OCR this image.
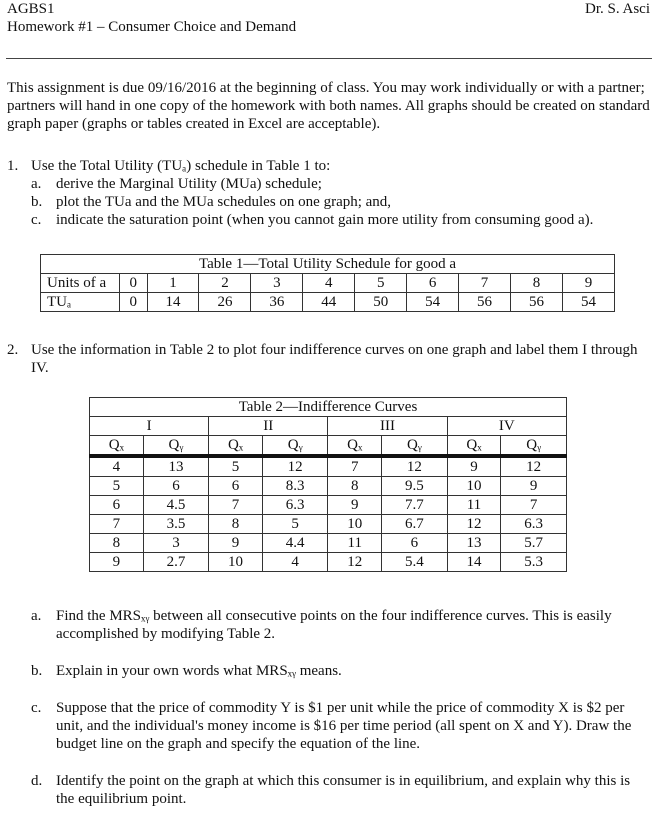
AGBS1
Homework #1 – Consumer Choice and Demand
Dr. S. Asci
This assignment is due 09/16/2016 at the beginning of class. You may work individually or with a partner; partners will hand in one copy of the homework with both names. All graphs should be created on standard graph paper (graphs or tables created in Excel are acceptable).
1. Use the Total Utility (TUₐ) schedule in Table 1 to:
a. derive the Marginal Utility (MUa) schedule;
b. plot the TUa and the MUa schedules on one graph; and,
c. indicate the saturation point (when you cannot gain more utility from consuming good a).
Table 1—Total Utility Schedule for good a										
Units of a	0	1	2	3	4	5	6	7	8	9
TUₐ	0	14	26	36	44	50	54	56	56	54
2. Use the information in Table 2 to plot four indifference curves on one graph and label them I through IV.
Table 2—Indifference Curves							
I		II		III		IV	
Qₓ	Qᵧ	Qₓ	Qᵧ	Qₓ	Qᵧ	Qₓ	Qᵧ
4	13	5	12	7	12	9	12
5	6	6	8.3	8	9.5	10	9
6	4.5	7	6.3	9	7.7	11	7
7	3.5	8	5	10	6.7	12	6.3
8	3	9	4.4	11	6	13	5.7
9	2.7	10	4	12	5.4	14	5.3
a. Find the MRSₓᵧ between all consecutive points on the four indifference curves. This is easily accomplished by modifying Table 2.
b. Explain in your own words what MRSₓᵧ means.
c. Suppose that the price of commodity Y is $1 per unit while the price of commodity X is $2 per unit, and the individual's money income is $16 per time period (all spent on X and Y). Draw the budget line on the graph and specify the equation of the line.
d. Identify the point on the graph at which this consumer is in equilibrium, and explain why this is the equilibrium point.
